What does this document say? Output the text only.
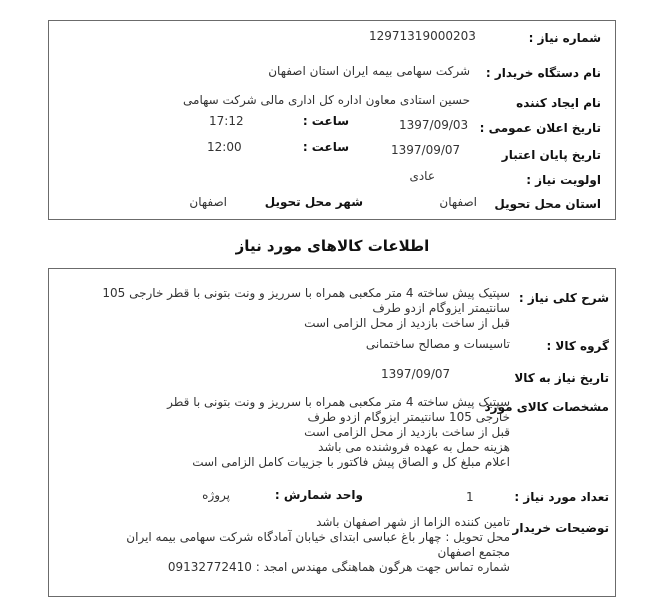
شماره نیاز :
12971319000203
نام دستگاه خریدار :
شرکت سهامی بیمه ایران استان اصفهان
نام ایجاد کننده
حسین استادی معاون اداره کل اداری مالی شرکت سهامی
تاریخ اعلان عمومی :
1397/09/03
ساعت :
17:12
تاریخ پایان اعتبار
1397/09/07
ساعت :
12:00
اولویت نیاز :
عادی
استان محل تحویل
اصفهان
شهر محل تحویل
اصفهان
اطلاعات کالاهای مورد نیاز
شرح کلی نیاز :
سپتیک پیش ساخته 4 متر مکعبی همراه با سرریز و ونت بتونی با قطر خارجی 105
سانتیمتر ایزوگام ازدو طرف
قبل از ساخت بازدید از محل الزامی است
گروه کالا :
تاسیسات و مصالح ساختمانی
تاریخ نیاز به کالا
1397/09/07
مشخصات کالای مورد
سپتیک پیش ساخته 4 متر مکعبی همراه با سرریز و ونت بتونی با قطر
خارجی 105 سانتیمتر ایزوگام ازدو طرف
قبل از ساخت بازدید از محل الزامی است
هزینه حمل به عهده فروشنده می باشد
اعلام مبلغ کل و الصاق پیش فاکتور با جزییات کامل الزامی است
تعداد مورد نیاز :
1
واحد شمارش :
پروژه
توضیحات خریدار
تامین کننده الزاما از شهر اصفهان باشد
محل تحویل : چهار باغ عباسی ابتدای خیابان آمادگاه شرکت سهامی بیمه ایران
مجتمع اصفهان
شماره تماس جهت هرگون هماهنگی مهندس امجد : 09132772410
